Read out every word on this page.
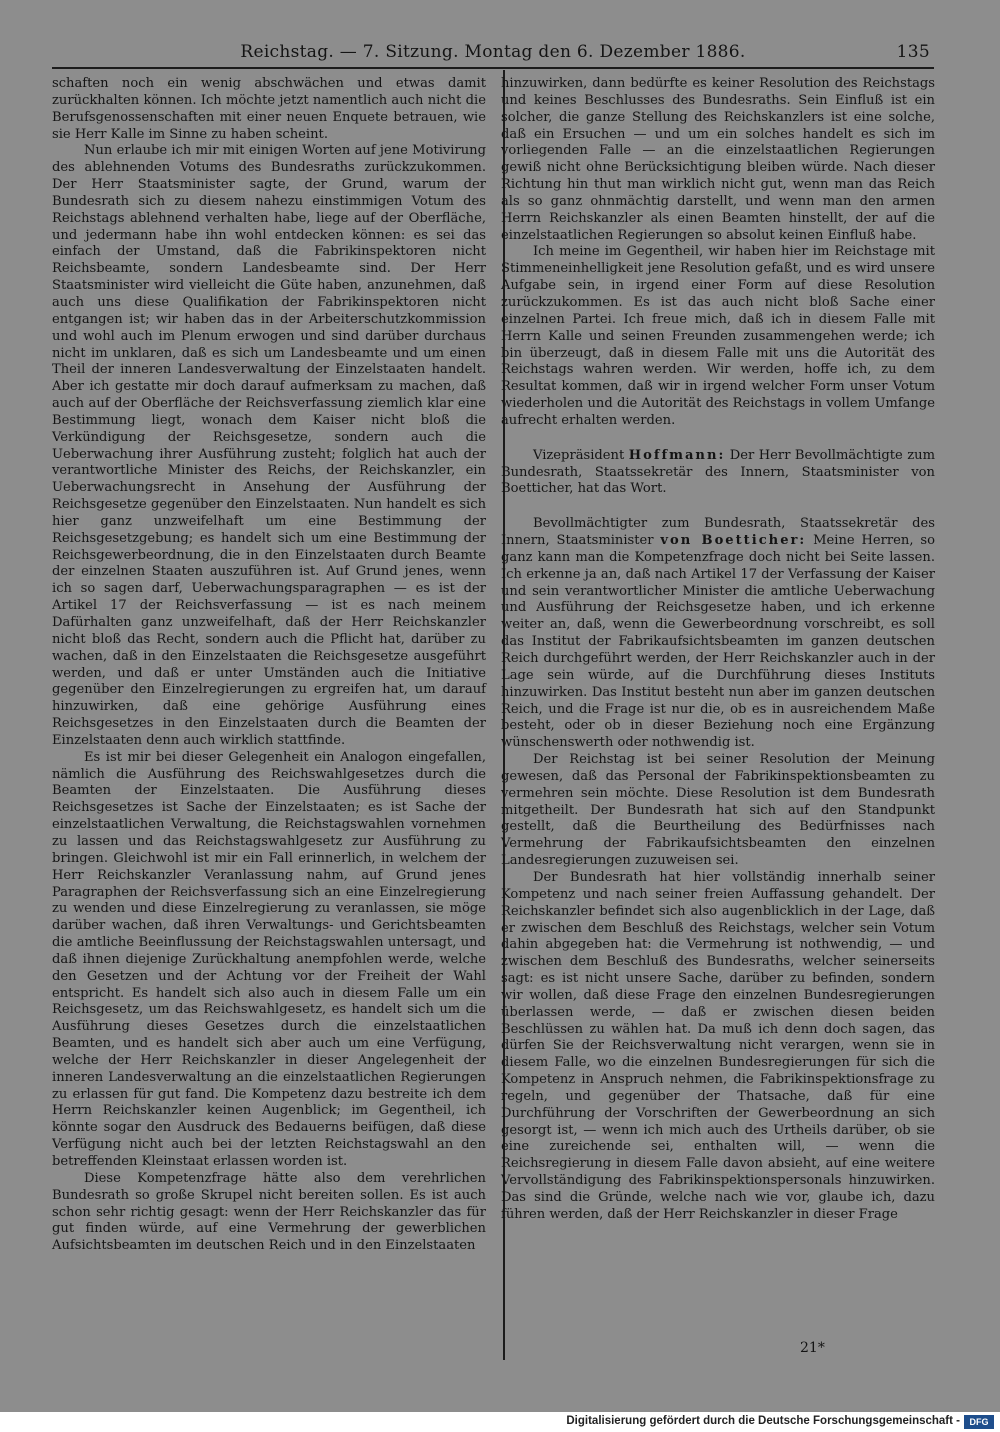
Reichstag. — 7. Sitzung. Montag den 6. Dezember 1886.	135

schaften noch ein wenig abschwächen und etwas damit zurückhalten können. Ich möchte jetzt namentlich auch nicht die Berufsgenossenschaften mit einer neuen Enquete betrauen, wie sie Herr Kalle im Sinne zu haben scheint.

Nun erlaube ich mir mit einigen Worten auf jene Motivirung des ablehnenden Votums des Bundesraths zurückzukommen. Der Herr Staatsminister sagte, der Grund, warum der Bundesrath sich zu diesem nahezu einstimmigen Votum des Reichstags ablehnend verhalten habe, liege auf der Oberfläche, und jedermann habe ihn wohl entdecken können: es sei das einfach der Umstand, daß die Fabrikinspektoren nicht Reichsbeamte, sondern Landesbeamte sind. Der Herr Staatsminister wird vielleicht die Güte haben, anzunehmen, daß auch uns diese Qualifikation der Fabrikinspektoren nicht entgangen ist; wir haben das in der Arbeiterschutzkommission und wohl auch im Plenum erwogen und sind darüber durchaus nicht im unklaren, daß es sich um Landesbeamte und um einen Theil der inneren Landesverwaltung der Einzelstaaten handelt. Aber ich gestatte mir doch darauf aufmerksam zu machen, daß auch auf der Oberfläche der Reichsverfassung ziemlich klar eine Bestimmung liegt, wonach dem Kaiser nicht bloß die Verkündigung der Reichsgesetze, sondern auch die Ueberwachung ihrer Ausführung zusteht; folglich hat auch der verantwortliche Minister des Reichs, der Reichskanzler, ein Ueberwachungsrecht in Ansehung der Ausführung der Reichsgesetze gegenüber den Einzelstaaten. Nun handelt es sich hier ganz unzweifelhaft um eine Bestimmung der Reichsgesetzgebung; es handelt sich um eine Bestimmung der Reichsgewerbeordnung, die in den Einzelstaaten durch Beamte der einzelnen Staaten auszuführen ist. Auf Grund jenes, wenn ich so sagen darf, Ueberwachungsparagraphen — es ist der Artikel 17 der Reichsverfassung — ist es nach meinem Dafürhalten ganz unzweifelhaft, daß der Herr Reichskanzler nicht bloß das Recht, sondern auch die Pflicht hat, darüber zu wachen, daß in den Einzelstaaten die Reichsgesetze ausgeführt werden, und daß er unter Umständen auch die Initiative gegenüber den Einzelregierungen zu ergreifen hat, um darauf hinzuwirken, daß eine gehörige Ausführung eines Reichsgesetzes in den Einzelstaaten durch die Beamten der Einzelstaaten denn auch wirklich stattfinde.

Es ist mir bei dieser Gelegenheit ein Analogon eingefallen, nämlich die Ausführung des Reichswahlgesetzes durch die Beamten der Einzelstaaten. Die Ausführung dieses Reichsgesetzes ist Sache der Einzelstaaten; es ist Sache der einzelstaatlichen Verwaltung, die Reichstagswahlen vornehmen zu lassen und das Reichstagswahlgesetz zur Ausführung zu bringen. Gleichwohl ist mir ein Fall erinnerlich, in welchem der Herr Reichskanzler Veranlassung nahm, auf Grund jenes Paragraphen der Reichsverfassung sich an eine Einzelregierung zu wenden und diese Einzelregierung zu veranlassen, sie möge darüber wachen, daß ihren Verwaltungs- und Gerichtsbeamten die amtliche Beeinflussung der Reichstagswahlen untersagt, und daß ihnen diejenige Zurückhaltung anempfohlen werde, welche den Gesetzen und der Achtung vor der Freiheit der Wahl entspricht. Es handelt sich also auch in diesem Falle um ein Reichsgesetz, um das Reichswahlgesetz, es handelt sich um die Ausführung dieses Gesetzes durch die einzelstaatlichen Beamten, und es handelt sich aber auch um eine Verfügung, welche der Herr Reichskanzler in dieser Angelegenheit der inneren Landesverwaltung an die einzelstaatlichen Regierungen zu erlassen für gut fand. Die Kompetenz dazu bestreite ich dem Herrn Reichskanzler keinen Augenblick; im Gegentheil, ich könnte sogar den Ausdruck des Bedauerns beifügen, daß diese Verfügung nicht auch bei der letzten Reichstagswahl an den betreffenden Kleinstaat erlassen worden ist.

Diese Kompetenzfrage hätte also dem verehrlichen Bundesrath so große Skrupel nicht bereiten sollen. Es ist auch schon sehr richtig gesagt: wenn der Herr Reichskanzler das für gut finden würde, auf eine Vermehrung der gewerblichen Aufsichtsbeamten im deutschen Reich und in den Einzelstaaten

hinzuwirken, dann bedürfte es keiner Resolution des Reichstags und keines Beschlusses des Bundesraths. Sein Einfluß ist ein solcher, die ganze Stellung des Reichskanzlers ist eine solche, daß ein Ersuchen — und um ein solches handelt es sich im vorliegenden Falle — an die einzelstaatlichen Regierungen gewiß nicht ohne Berücksichtigung bleiben würde. Nach dieser Richtung hin thut man wirklich nicht gut, wenn man das Reich als so ganz ohnmächtig darstellt, und wenn man den armen Herrn Reichskanzler als einen Beamten hinstellt, der auf die einzelstaatlichen Regierungen so absolut keinen Einfluß habe.

Ich meine im Gegentheil, wir haben hier im Reichstage mit Stimmeneinhelligkeit jene Resolution gefaßt, und es wird unsere Aufgabe sein, in irgend einer Form auf diese Resolution zurückzukommen. Es ist das auch nicht bloß Sache einer einzelnen Partei. Ich freue mich, daß ich in diesem Falle mit Herrn Kalle und seinen Freunden zusammengehen werde; ich bin überzeugt, daß in diesem Falle mit uns die Autorität des Reichstags wahren werden. Wir werden, hoffe ich, zu dem Resultat kommen, daß wir in irgend welcher Form unser Votum wiederholen und die Autorität des Reichstags in vollem Umfange aufrecht erhalten werden.

Vizepräsident Hoffmann: Der Herr Bevollmächtigte zum Bundesrath, Staatssekretär des Innern, Staatsminister von Boetticher, hat das Wort.

Bevollmächtigter zum Bundesrath, Staatssekretär des Innern, Staatsminister von Boetticher: Meine Herren, so ganz kann man die Kompetenzfrage doch nicht bei Seite lassen. Ich erkenne ja an, daß nach Artikel 17 der Verfassung der Kaiser und sein verantwortlicher Minister die amtliche Ueberwachung und Ausführung der Reichsgesetze haben, und ich erkenne weiter an, daß, wenn die Gewerbeordnung vorschreibt, es soll das Institut der Fabrikaufsichtsbeamten im ganzen deutschen Reich durchgeführt werden, der Herr Reichskanzler auch in der Lage sein würde, auf die Durchführung dieses Instituts hinzuwirken. Das Institut besteht nun aber im ganzen deutschen Reich, und die Frage ist nur die, ob es in ausreichendem Maße besteht, oder ob in dieser Beziehung noch eine Ergänzung wünschenswerth oder nothwendig ist.

Der Reichstag ist bei seiner Resolution der Meinung gewesen, daß das Personal der Fabrikinspektionsbeamten zu vermehren sein möchte. Diese Resolution ist dem Bundesrath mitgetheilt. Der Bundesrath hat sich auf den Standpunkt gestellt, daß die Beurtheilung des Bedürfnisses nach Vermehrung der Fabrikaufsichtsbeamten den einzelnen Landesregierungen zuzuweisen sei.

Der Bundesrath hat hier vollständig innerhalb seiner Kompetenz und nach seiner freien Auffassung gehandelt. Der Reichskanzler befindet sich also augenblicklich in der Lage, daß er zwischen dem Beschluß des Reichstags, welcher sein Votum dahin abgegeben hat: die Vermehrung ist nothwendig, — und zwischen dem Beschluß des Bundesraths, welcher seinerseits sagt: es ist nicht unsere Sache, darüber zu befinden, sondern wir wollen, daß diese Frage den einzelnen Bundesregierungen überlassen werde, — daß er zwischen diesen beiden Beschlüssen zu wählen hat. Da muß ich denn doch sagen, das dürfen Sie der Reichsverwaltung nicht verargen, wenn sie in diesem Falle, wo die einzelnen Bundesregierungen für sich die Kompetenz in Anspruch nehmen, die Fabrikinspektionsfrage zu regeln, und gegenüber der Thatsache, daß für eine Durchführung der Vorschriften der Gewerbeordnung an sich gesorgt ist, — wenn ich mich auch des Urtheils darüber, ob sie eine zureichende sei, enthalten will, — wenn die Reichsregierung in diesem Falle davon absieht, auf eine weitere Vervollständigung des Fabrikinspektionspersonals hinzuwirken. Das sind die Gründe, welche nach wie vor, glaube ich, dazu führen werden, daß der Herr Reichskanzler in dieser Frage

21*
Digitalisierung gefördert durch die Deutsche Forschungsgemeinschaft -	DFG
